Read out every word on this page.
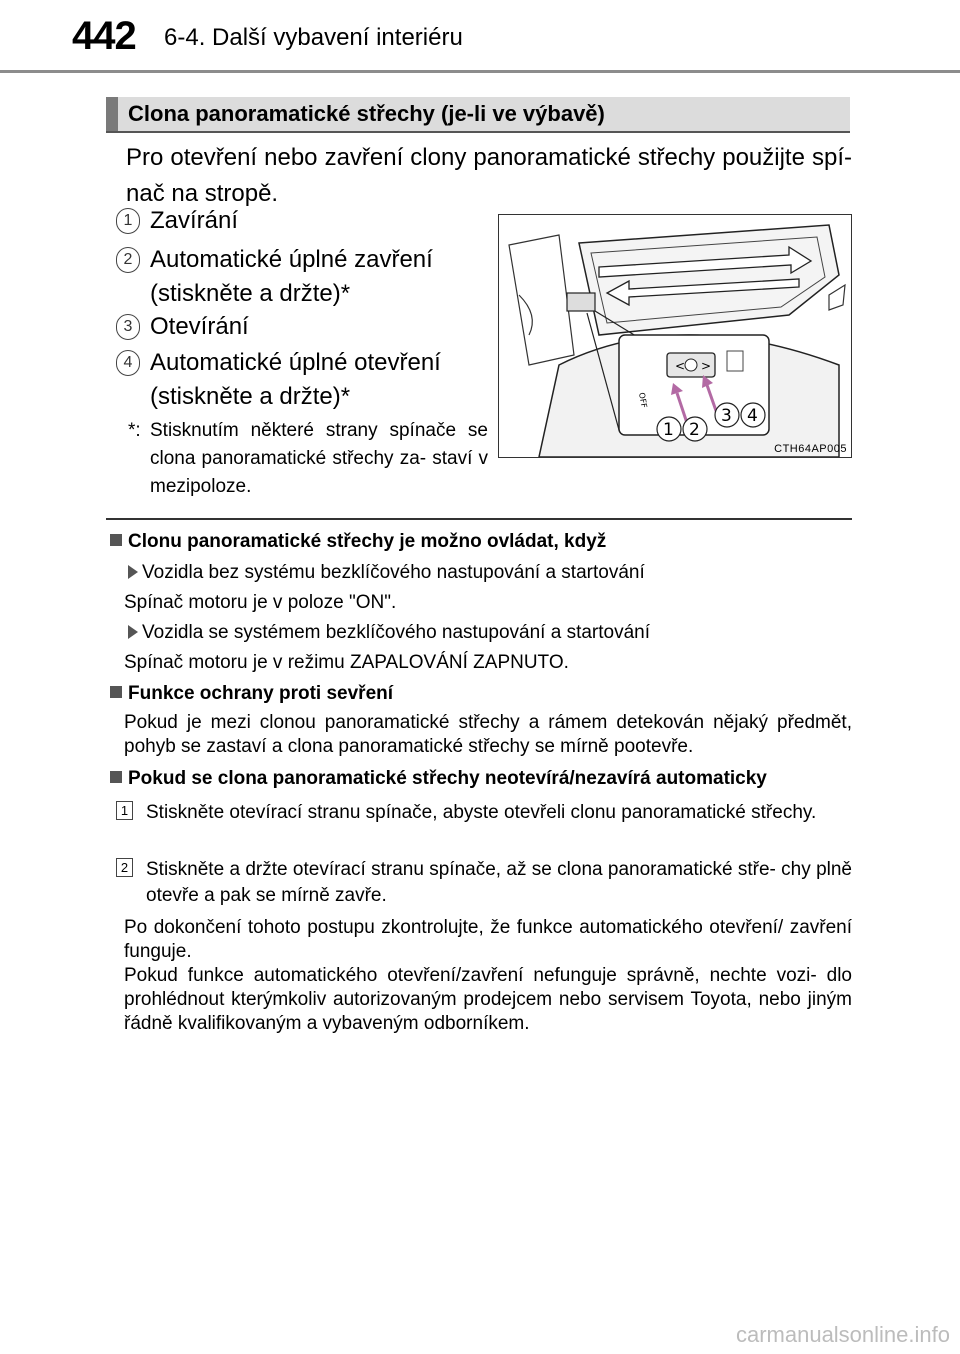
442 6-4. Další vybavení interiéru
Clona panoramatické střechy (je-li ve výbavě)
Pro otevření nebo zavření clony panoramatické střechy použijte spí- nač na stropě.
1 Zavírání
2 Automatické úplné zavření (stiskněte a držte)*
3 Otevírání
4 Automatické úplné otevření (stiskněte a držte)*
*: Stisknutím některé strany spínače se clona panoramatické střechy za- staví v mezipoloze.
< >
OFF
1 2
3 4
CTH64AP005
Clonu panoramatické střechy je možno ovládat, když
Vozidla bez systému bezklíčového nastupování a startování
Spínač motoru je v poloze "ON".
Vozidla se systémem bezklíčového nastupování a startování
Spínač motoru je v režimu ZAPALOVÁNÍ ZAPNUTO.
Funkce ochrany proti sevření
Pokud je mezi clonou panoramatické střechy a rámem detekován nějaký předmět, pohyb se zastaví a clona panoramatické střechy se mírně pootevře.
Pokud se clona panoramatické střechy neotevírá/nezavírá automaticky
1 Stiskněte otevírací stranu spínače, abyste otevřeli clonu panoramatické střechy.
2 Stiskněte a držte otevírací stranu spínače, až se clona panoramatické stře- chy plně otevře a pak se mírně zavře.
Po dokončení tohoto postupu zkontrolujte, že funkce automatického otevření/ zavření funguje.
Pokud funkce automatického otevření/zavření nefunguje správně, nechte vozi- dlo prohlédnout kterýmkoliv autorizovaným prodejcem nebo servisem Toyota, nebo jiným řádně kvalifikovaným a vybaveným odborníkem.
carmanualsonline.info
